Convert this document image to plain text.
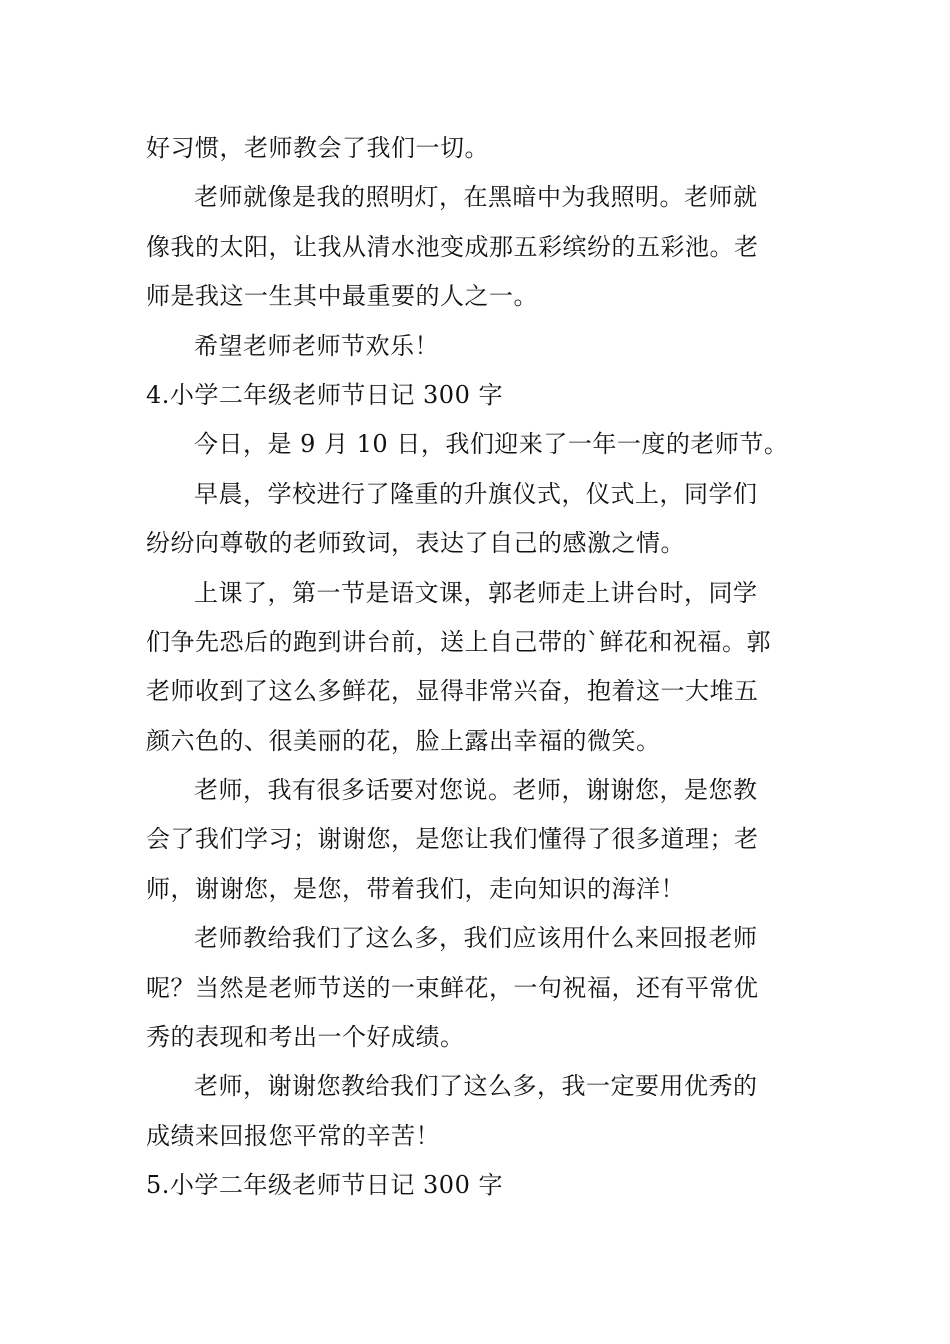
好习惯，老师教会了我们一切。
老师就像是我的照明灯，在黑暗中为我照明。老师就
像我的太阳，让我从清水池变成那五彩缤纷的五彩池。老
师是我这一生其中最重要的人之一。
希望老师老师节欢乐！
4.小学二年级老师节日记 300 字
今日，是 9 月 10 日，我们迎来了一年一度的老师节。
早晨，学校进行了隆重的升旗仪式，仪式上，同学们
纷纷向尊敬的老师致词，表达了自己的感激之情。
上课了，第一节是语文课，郭老师走上讲台时，同学
们争先恐后的跑到讲台前，送上自己带的`鲜花和祝福。郭
老师收到了这么多鲜花，显得非常兴奋，抱着这一大堆五
颜六色的、很美丽的花，脸上露出幸福的微笑。
老师，我有很多话要对您说。老师，谢谢您，是您教
会了我们学习；谢谢您，是您让我们懂得了很多道理；老
师，谢谢您，是您，带着我们，走向知识的海洋！
老师教给我们了这么多，我们应该用什么来回报老师
呢？当然是老师节送的一束鲜花，一句祝福，还有平常优
秀的表现和考出一个好成绩。
老师，谢谢您教给我们了这么多，我一定要用优秀的
成绩来回报您平常的辛苦！
5.小学二年级老师节日记 300 字
